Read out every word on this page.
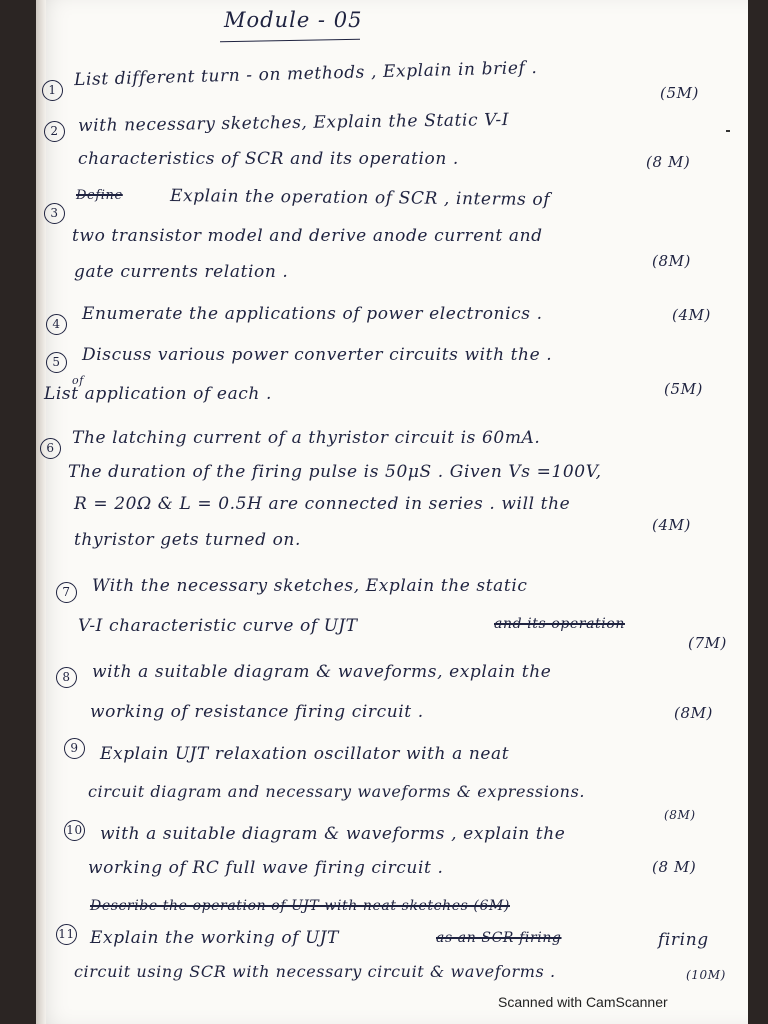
Module - 05
1	List different turn - on methods , Explain in brief .
(5M)
2	with necessary sketches, Explain the Static V-I
characteristics of SCR and its operation .	(8 M)
3
Define	Explain the operation of SCR , interms of
two transistor model and derive anode current and
gate currents relation .
(8M)
4	Enumerate the applications of power electronics .	(4M)
5	Discuss various power converter circuits with the .
of
List application of each .	(5M)
6	The latching current of a thyristor circuit is 60mA.
The duration of the firing pulse is 50μS . Given Vs =100V,
R = 20Ω & L = 0.5H are connected in series . will the
thyristor gets turned on.
(4M)
7	With the necessary sketches, Explain the static
V-I characteristic curve of UJT	and its operation
(7M)
8	with a suitable diagram & waveforms, explain the
working of resistance firing circuit .	(8M)
9	Explain UJT relaxation oscillator with a neat
circuit diagram and necessary waveforms & expressions.
(8M)
10 with a suitable diagram & waveforms , explain the
working of RC full wave firing circuit .	(8 M)
Describe the operation of UJT with neat sketches (6M)
11 Explain the working of UJT	as an SCR firing	firing
circuit using SCR with necessary circuit & waveforms .	(10M)
Scanned with CamScanner
